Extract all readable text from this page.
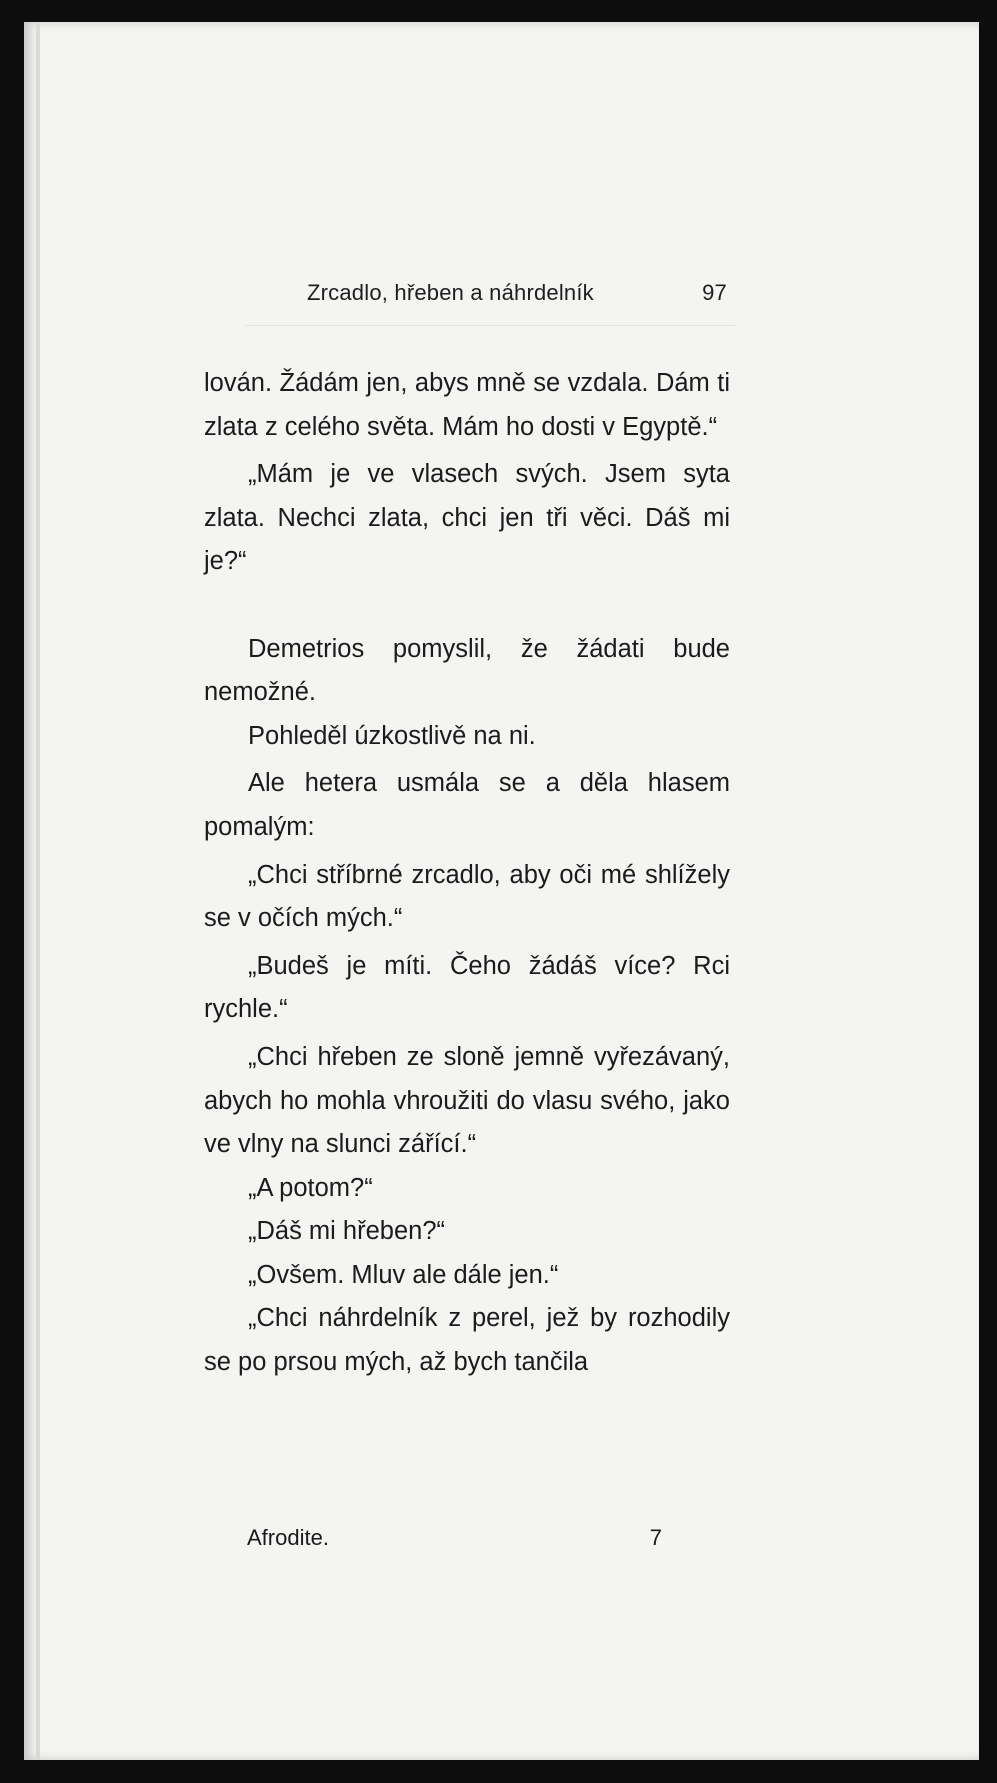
Zrcadlo, hřeben a náhrdelník	97

lován. Žádám jen, abys mně se vzdala. Dám ti zlata z celého světa. Mám ho dosti v Egyptě.“

„Mám je ve vlasech svých. Jsem syta zlata. Nechci zlata, chci jen tři věci. Dáš mi je?“

Demetrios pomyslil, že žádati bude nemožné.

Pohleděl úzkostlivě na ni.

Ale hetera usmála se a děla hlasem pomalým:

„Chci stříbrné zrcadlo, aby oči mé shlížely se v očích mých.“

„Budeš je míti. Čeho žádáš více? Rci rychle.“

„Chci hřeben ze sloně jemně vyřezávaný, abych ho mohla vhroužiti do vlasu svého, jako ve vlny na slunci zářící.“

„A potom?“

„Dáš mi hřeben?“

„Ovšem. Mluv ale dále jen.“

„Chci náhrdelník z perel, jež by rozhodily se po prsou mých, až bych tančila

Afrodite.	7
